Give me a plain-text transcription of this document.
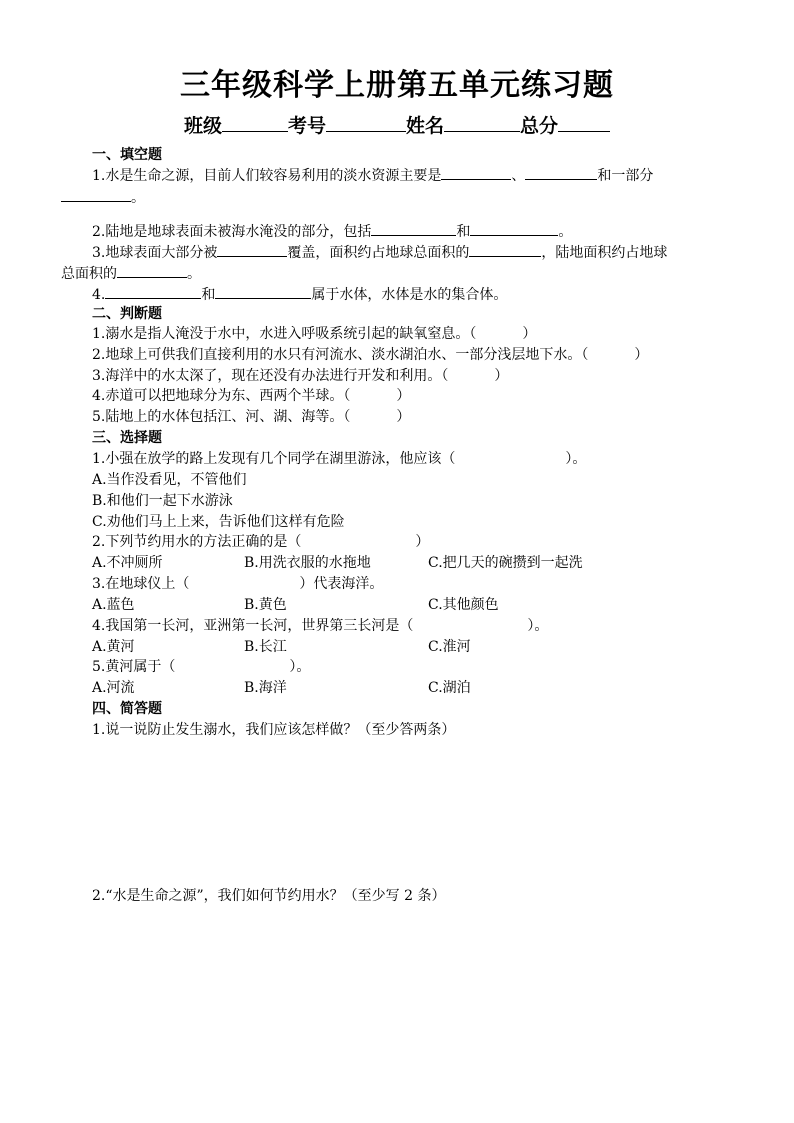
三年级科学上册第五单元练习题
班级	考号	姓名	总分
一、填空题
1.水是生命之源，目前人们较容易利用的淡水资源主要是	、	和一部分
。
2.陆地是地球表面未被海水淹没的部分，包括	和	。
3.地球表面大部分被	覆盖，面积约占地球总面积的	，陆地面积约占地球
总面积的	。
4.	和	属于水体，水体是水的集合体。
二、判断题
1.溺水是指人淹没于水中，水进入呼吸系统引起的缺氧窒息。（	）
2.地球上可供我们直接利用的水只有河流水、淡水湖泊水、一部分浅层地下水。（	）
3.海洋中的水太深了，现在还没有办法进行开发和利用。（	）
4.赤道可以把地球分为东、西两个半球。（	）
5.陆地上的水体包括江、河、湖、海等。（	）
三、选择题
1.小强在放学的路上发现有几个同学在湖里游泳，他应该（	）。
A.当作没看见，不管他们
B.和他们一起下水游泳
C.劝他们马上上来，告诉他们这样有危险
2.下列节约用水的方法正确的是（	）
A.不冲厕所	B.用洗衣服的水拖地	C.把几天的碗攒到一起洗
3.在地球仪上（	）代表海洋。
A.蓝色	B.黄色	C.其他颜色
4.我国第一长河，亚洲第一长河，世界第三长河是（	）。
A.黄河	B.长江	C.淮河
5.黄河属于（	）。
A.河流	B.海洋	C.湖泊
四、简答题
1.说一说防止发生溺水，我们应该怎样做？（至少答两条）
2.“水是生命之源”，我们如何节约用水？（至少写 2 条）
